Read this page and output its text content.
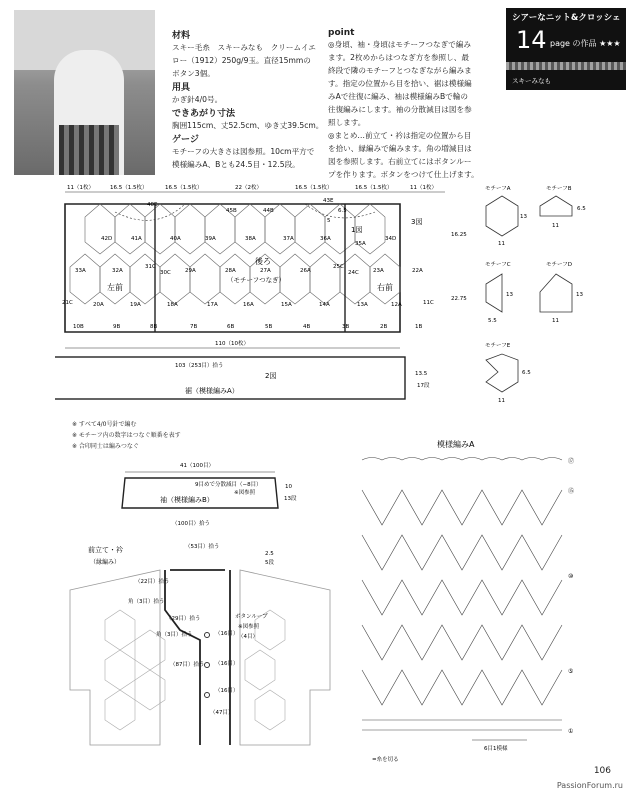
材料
スキー毛糸　スキーみなも　クリームイエ
ロー（1912）250g/9玉。直径15mmの
ボタン3個。
用具
かぎ針4/0号。
できあがり寸法
胸囲115cm、丈52.5cm、ゆき丈39.5cm。
ゲージ
モチーフの大きさは図参照。10cm平方で
模様編みA、Bとも24.5目・12.5段。
point
◎身頃、袖・身頃はモチーフつなぎで編み
ます。2枚めからはつなぎ方を参照し、最
終段で隣のモチーフとつなぎながら編みま
す。指定の位置から目を拾い、裾は模様編
みAで往復に編み、袖は模様編みBで輪の
往復編みにします。袖の分散減目は図を参
照します。
◎まとめ…前立て・衿は指定の位置から目
を拾い、縁編みで編みます。角の増減目は
図を参照します。右前立てにはボタンルー
プを作ります。ボタンをつけて仕上げます。
シアーなニット&クロッシェ
14 page の作品 ★★★
スキーみなも
11（1枚）	16.5（1.5枚）	16.5（1.5枚）	22（2枚）	16.5（1.5枚）	16.5（1.5枚）	11（1枚）
42D	41A	40A	39A	38A	37A	36A
35A
34D
45B	44B
33A	32A
31C
30C	29A	28A	27A	26A
25C
24C	23A	22A
21C	20A	19A	18A	17A	16A	15A	14A	13A	12A	11C
10B	9B	8B	7B	6B	5B	4B	3B	2B	1B
後ろ
（モチーフつなぎ）
左前	右前
3図
1図
40E
43E
6.5
5
16.25
22.75
110（10枚）
103（253目）拾う
2図
裾（模様編みA）
13.5
17段
モチーフA
13
11
モチーフB
6.5
11
モチーフC
13
5.5
モチーフD
13
11
モチーフE
6.5
11
※ すべて4/0号針で編む
※ モチーフ内の数字はつなぐ順番を表す
※ 合印同士は編みつなぐ
41（100目）
9目めで分散減目（−8目）
※図参照
袖（模様編みB）
10
13段
（100目）拾う
前立て・衿
（縁編み）
（53目）拾う
2.5
5段
（22目）拾う
角（3目）拾う
（29目）拾う
角（3目）拾う
（87目）拾う
（47目）
（16目）
（16目）
（16目）
ボタンループ
※図参照
（4目）
模様編みA
⑰
⑮
⑩
⑤
①
6目1模様
=糸を切る
106
PassionForum.ru
